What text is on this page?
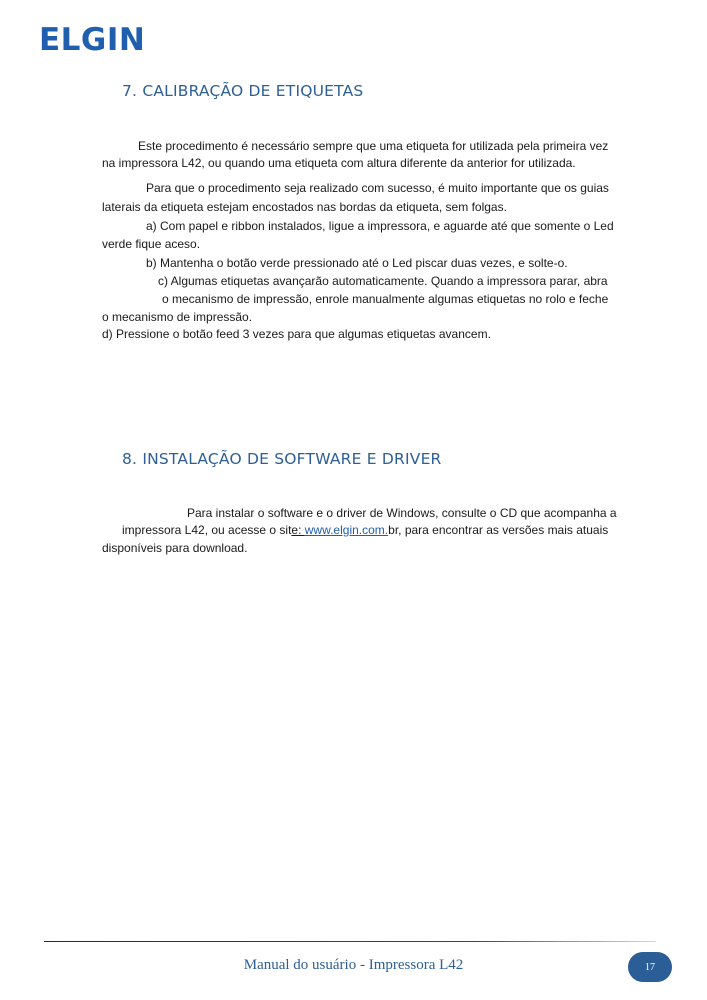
ELGIN
7. CALIBRAÇÃO DE ETIQUETAS
Este procedimento é necessário sempre que uma etiqueta for utilizada pela primeira vez
na impressora L42, ou quando uma etiqueta com altura diferente da anterior for utilizada.
Para que o procedimento seja realizado com sucesso, é muito importante que os guias
laterais da etiqueta estejam encostados nas bordas da etiqueta, sem folgas.
a) Com papel e ribbon instalados, ligue a impressora, e aguarde até que somente o Led
verde fique aceso.
b) Mantenha o botão verde pressionado até o Led piscar duas vezes, e solte-o.
c) Algumas etiquetas avançarão automaticamente. Quando a impressora parar, abra
o mecanismo de impressão, enrole manualmente algumas etiquetas no rolo e feche
o mecanismo de impressão.
d) Pressione o botão feed 3 vezes para que algumas etiquetas avancem.
8. INSTALAÇÃO DE SOFTWARE E DRIVER
Para instalar o software e o driver de Windows, consulte o CD que acompanha a
impressora L42, ou acesse o site: www.elgin.com.br, para encontrar as versões mais atuais
disponíveis para download.
Manual do usuário - Impressora L42	17
